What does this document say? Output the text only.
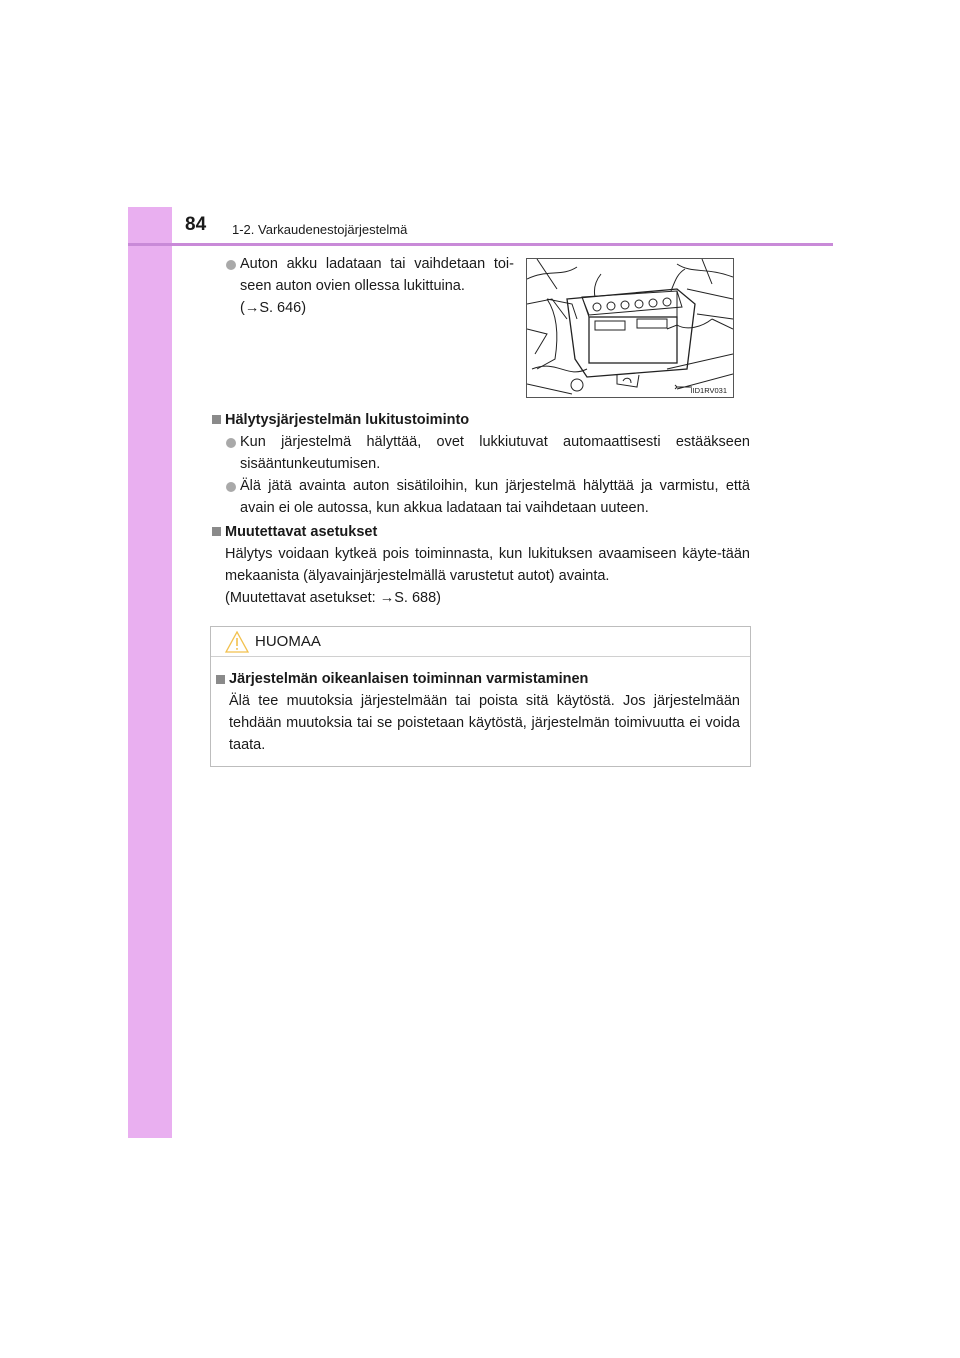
84 1-2. Varkaudenestojärjestelmä
Auton akku ladataan tai vaihdetaan toi-
seen auton ovien ollessa lukittuina.
(→S. 646)
IID1RV031
Hälytysjärjestelmän lukitustoiminto
Kun järjestelmä hälyttää, ovet lukkiutuvat automaattisesti estääkseen sisääntunkeutumisen.
Älä jätä avainta auton sisätiloihin, kun järjestelmä hälyttää ja varmistu, että avain ei ole autossa, kun akkua ladataan tai vaihdetaan uuteen.
Muutettavat asetukset
Hälytys voidaan kytkeä pois toiminnasta, kun lukituksen avaamiseen käyte-tään mekaanista (älyavainjärjestelmällä varustetut autot) avainta.
(Muutettavat asetukset: →S. 688)
HUOMAA
Järjestelmän oikeanlaisen toiminnan varmistaminen
Älä tee muutoksia järjestelmään tai poista sitä käytöstä. Jos järjestelmään tehdään muutoksia tai se poistetaan käytöstä, järjestelmän toimivuutta ei voida taata.
